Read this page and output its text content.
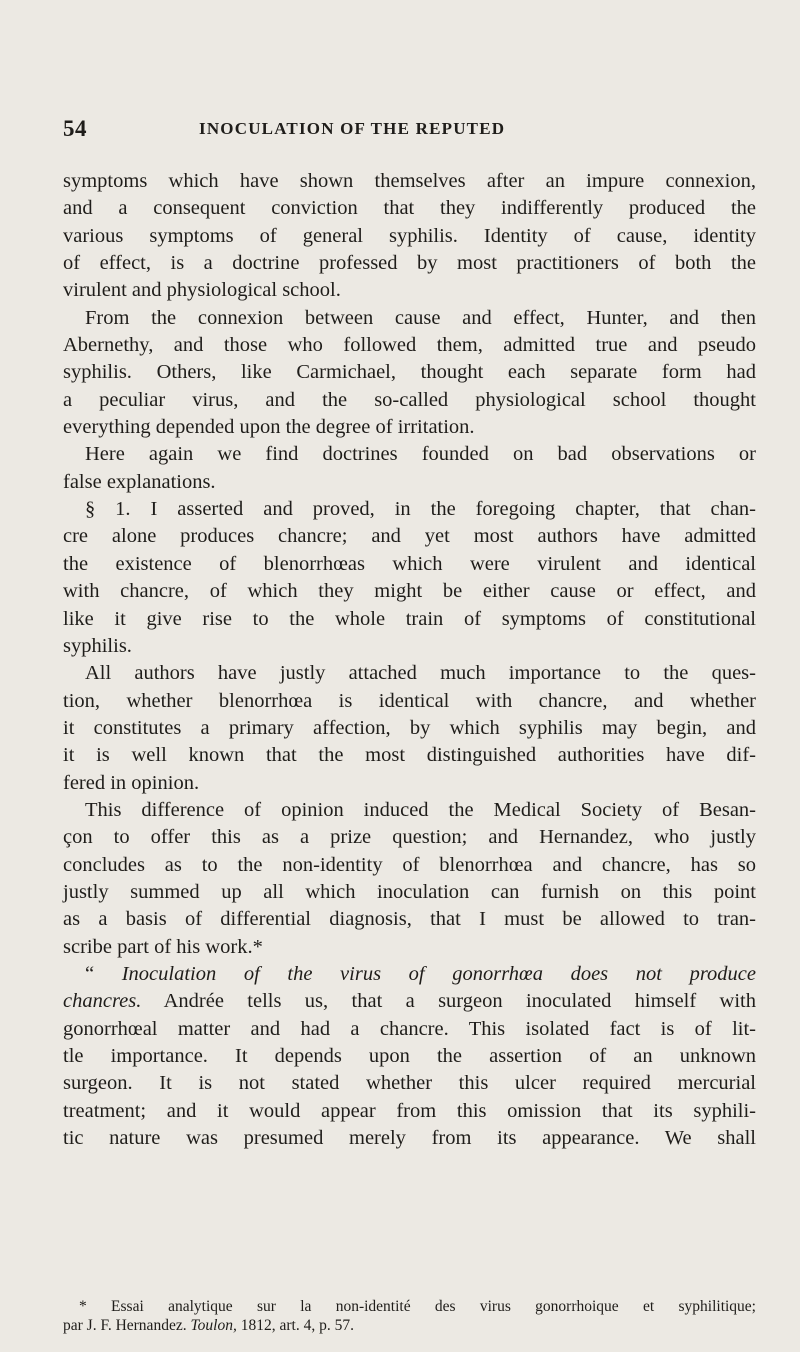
54	INOCULATION OF THE REPUTED
symptoms which have shown themselves after an impure connexion,
and a consequent conviction that they indifferently produced the
various symptoms of general syphilis. Identity of cause, identity
of effect, is a doctrine professed by most practitioners of both the
virulent and physiological school.
From the connexion between cause and effect, Hunter, and then
Abernethy, and those who followed them, admitted true and pseudo
syphilis. Others, like Carmichael, thought each separate form had
a peculiar virus, and the so-called physiological school thought
everything depended upon the degree of irritation.
Here again we find doctrines founded on bad observations or
false explanations.
§ 1. I asserted and proved, in the foregoing chapter, that chan-
cre alone produces chancre; and yet most authors have admitted
the existence of blenorrhœas which were virulent and identical
with chancre, of which they might be either cause or effect, and
like it give rise to the whole train of symptoms of constitutional
syphilis.
All authors have justly attached much importance to the ques-
tion, whether blenorrhœa is identical with chancre, and whether
it constitutes a primary affection, by which syphilis may begin, and
it is well known that the most distinguished authorities have dif-
fered in opinion.
This difference of opinion induced the Medical Society of Besan-
çon to offer this as a prize question; and Hernandez, who justly
concludes as to the non-identity of blenorrhœa and chancre, has so
justly summed up all which inoculation can furnish on this point
as a basis of differential diagnosis, that I must be allowed to tran-
scribe part of his work.*
“ Inoculation of the virus of gonorrhœa does not produce
chancres. Andrée tells us, that a surgeon inoculated himself with
gonorrhœal matter and had a chancre. This isolated fact is of lit-
tle importance. It depends upon the assertion of an unknown
surgeon. It is not stated whether this ulcer required mercurial
treatment; and it would appear from this omission that its syphili-
tic nature was presumed merely from its appearance. We shall
* Essai analytique sur la non-identité des virus gonorrhoique et syphilitique;
par J. F. Hernandez. Toulon, 1812, art. 4, p. 57.
